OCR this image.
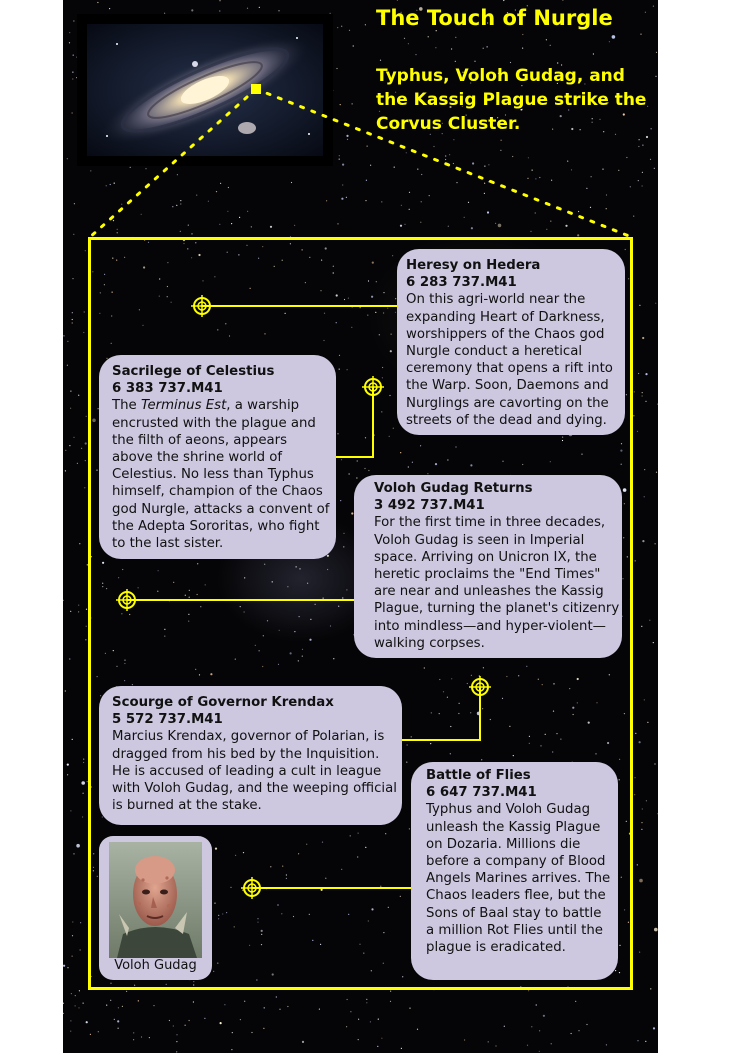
The Touch of Nurgle

Typhus, Voloh Gudag, and the Kassig Plague strike the Corvus Cluster.

Heresy on Hedera
6 283 737.M41
On this agri-world near the expanding Heart of Darkness, worshippers of the Chaos god Nurgle conduct a heretical ceremony that opens a rift into the Warp. Soon, Daemons and Nurglings are cavorting on the streets of the dead and dying.
Sacrilege of Celestius
6 383 737.M41
The Terminus Est, a warship encrusted with the plague and the filth of aeons, appears above the shrine world of Celestius. No less than Typhus himself, champion of the Chaos god Nurgle, attacks a convent of the Adepta Sororitas, who fight to the last sister.
Voloh Gudag Returns
3 492 737.M41
For the first time in three decades, Voloh Gudag is seen in Imperial space. Arriving on Unicron IX, the heretic proclaims the "End Times" are near and unleashes the Kassig Plague, turning the planet's citizenry into mindless—and hyper-violent—walking corpses.
Scourge of Governor Krendax
5 572 737.M41
Marcius Krendax, governor of Polarian, is dragged from his bed by the Inquisition. He is accused of leading a cult in league with Voloh Gudag, and the weeping official is burned at the stake.
Battle of Flies
6 647 737.M41
Typhus and Voloh Gudag unleash the Kassig Plague on Dozaria. Millions die before a company of Blood Angels Marines arrives. The Chaos leaders flee, but the Sons of Baal stay to battle a million Rot Flies until the plague is eradicated.
Voloh Gudag
